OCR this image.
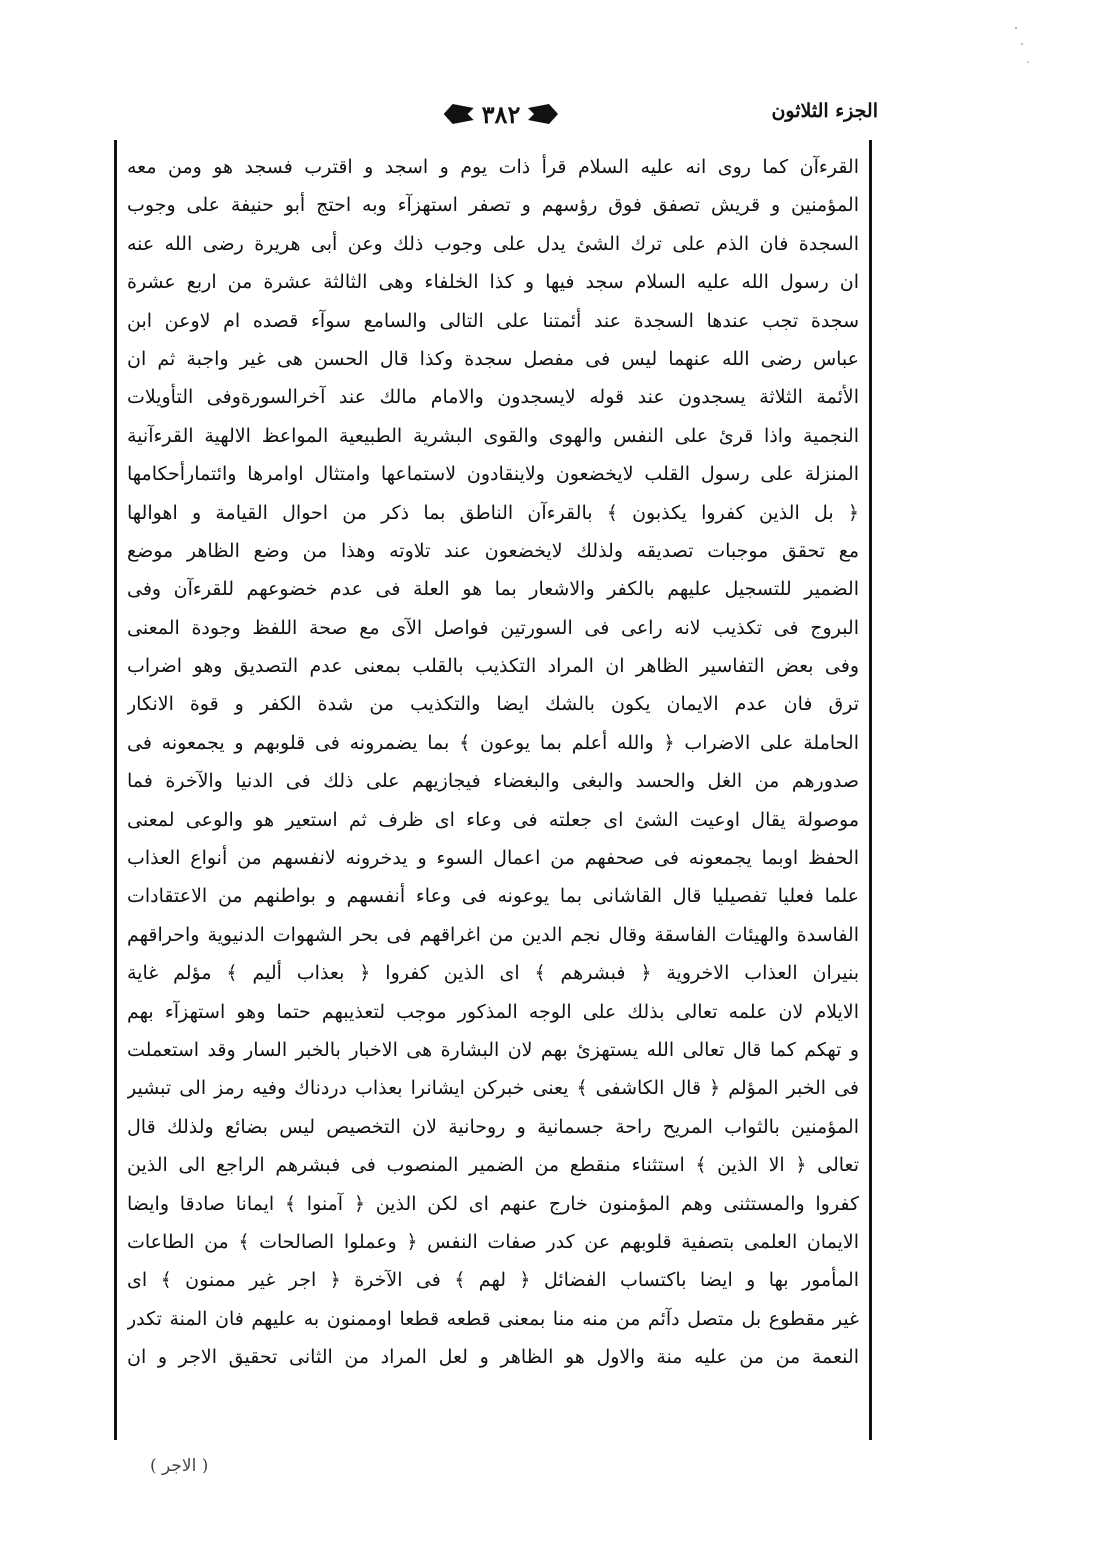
الجزء الثلاثون
٣٨٢
القرءآن كما روى انه عليه السلام قرأ ذات يوم و اسجد و اقترب فسجد هو ومن معه
المؤمنين و قريش تصفق فوق رؤسهم و تصفر استهزآء وبه احتج أبو حنيفة على وجوب
السجدة فان الذم على ترك الشئ يدل على وجوب ذلك وعن أبى هريرة رضى الله عنه
ان رسول الله عليه السلام سجد فيها و كذا الخلفاء وهى الثالثة عشرة من اربع عشرة
سجدة تجب عندها السجدة عند أئمتنا على التالى والسامع سوآء قصده ام لاوعن ابن
عباس رضى الله عنهما ليس فى مفصل سجدة وكذا قال الحسن هى غير واجبة ثم ان
الأئمة الثلاثة يسجدون عند قوله لايسجدون والامام مالك عند آخرالسورةوفى التأويلات
النجمية واذا قرئ على النفس والهوى والقوى البشرية الطبيعية المواعظ الالهية القرءآنية
المنزلة على رسول القلب لايخضعون ولاينقادون لاستماعها وامتثال اوامرها وائتمارأحكامها
﴿ بل الذين كفروا يكذبون ﴾ بالقرءآن الناطق بما ذكر من احوال القيامة و اهوالها
مع تحقق موجبات تصديقه ولذلك لايخضعون عند تلاوته وهذا من وضع الظاهر موضع
الضمير للتسجيل عليهم بالكفر والاشعار بما هو العلة فى عدم خضوعهم للقرءآن وفى
البروج فى تكذيب لانه راعى فى السورتين فواصل الآى مع صحة اللفظ وجودة المعنى
وفى بعض التفاسير الظاهر ان المراد التكذيب بالقلب بمعنى عدم التصديق وهو اضراب
ترق فان عدم الايمان يكون بالشك ايضا والتكذيب من شدة الكفر و قوة الانكار
الحاملة على الاضراب ﴿ والله أعلم بما يوعون ﴾ بما يضمرونه فى قلوبهم و يجمعونه فى
صدورهم من الغل والحسد والبغى والبغضاء فيجازيهم على ذلك فى الدنيا والآخرة فما
موصولة يقال اوعيت الشئ اى جعلته فى وعاء اى ظرف ثم استعير هو والوعى لمعنى
الحفظ اوبما يجمعونه فى صحفهم من اعمال السوء و يدخرونه لانفسهم من أنواع العذاب
علما فعليا تفصيليا قال القاشانى بما يوعونه فى وعاء أنفسهم و بواطنهم من الاعتقادات
الفاسدة والهيئات الفاسقة وقال نجم الدين من اغراقهم فى بحر الشهوات الدنيوية واحراقهم
بنيران العذاب الاخروية ﴿ فبشرهم ﴾ اى الذين كفروا ﴿ بعذاب أليم ﴾ مؤلم غاية
الايلام لان علمه تعالى بذلك على الوجه المذكور موجب لتعذيبهم حتما وهو استهزآء بهم
و تهكم كما قال تعالى الله يستهزئ بهم لان البشارة هى الاخبار بالخبر السار وقد استعملت
فى الخبر المؤلم ﴿ قال الكاشفى ﴾ يعنى خبركن ايشانرا بعذاب دردناك وفيه رمز الى تبشير
المؤمنين بالثواب المريح راحة جسمانية و روحانية لان التخصيص ليس بضائع ولذلك قال
تعالى ﴿ الا الذين ﴾ استثناء منقطع من الضمير المنصوب فى فبشرهم الراجع الى الذين
كفروا والمستثنى وهم المؤمنون خارج عنهم اى لكن الذين ﴿ آمنوا ﴾ ايمانا صادقا وايضا
الايمان العلمى بتصفية قلوبهم عن كدر صفات النفس ﴿ وعملوا الصالحات ﴾ من الطاعات
المأمور بها و ايضا باكتساب الفضائل ﴿ لهم ﴾ فى الآخرة ﴿ اجر غير ممنون ﴾ اى
غير مقطوع بل متصل دآئم من منه منا بمعنى قطعه قطعا اوممنون به عليهم فان المنة تكدر
النعمة من من عليه منة والاول هو الظاهر و لعل المراد من الثانى تحقيق الاجر و ان
( الاجر )
